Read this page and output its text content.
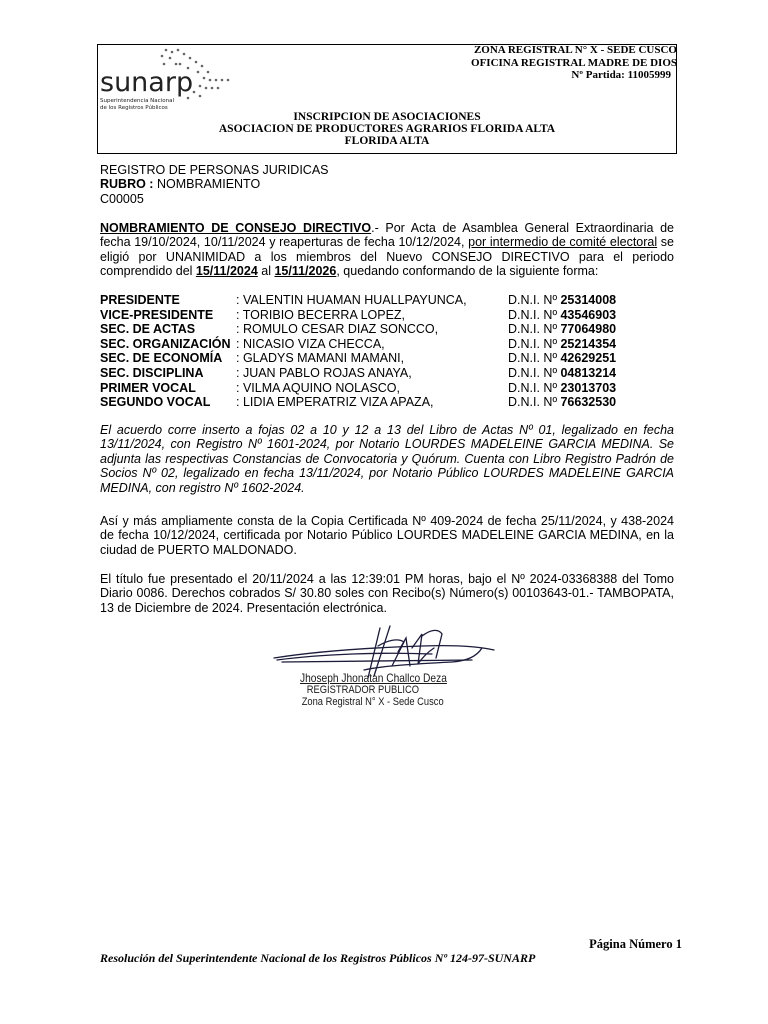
sunarp
Superintendencia Nacional
de los Registros Públicos
ZONA REGISTRAL N° X - SEDE CUSCO
OFICINA REGISTRAL MADRE DE DIOS
Nº Partida: 11005999
INSCRIPCION DE ASOCIACIONES
ASOCIACION DE PRODUCTORES AGRARIOS FLORIDA ALTA
FLORIDA ALTA
REGISTRO DE PERSONAS JURIDICAS
RUBRO : NOMBRAMIENTO
C00005
NOMBRAMIENTO DE CONSEJO DIRECTIVO.- Por Acta de Asamblea General Extraordinaria de fecha 19/10/2024, 10/11/2024 y reaperturas de fecha 10/12/2024, por intermedio de comité electoral se eligió por UNANIMIDAD a los miembros del Nuevo CONSEJO DIRECTIVO para el periodo comprendido del 15/11/2024 al 15/11/2026, quedando conformando de la siguiente forma:
PRESIDENTE	: VALENTIN HUAMAN HUALLPAYUNCA,	D.N.I. Nº 25314008
VICE-PRESIDENTE	: TORIBIO BECERRA LOPEZ,	D.N.I. Nº 43546903
SEC. DE ACTAS	: ROMULO CESAR DIAZ SONCCO,	D.N.I. Nº 77064980
SEC. ORGANIZACIÓN	: NICASIO VIZA CHECCA,	D.N.I. Nº 25214354
SEC. DE ECONOMÍA	: GLADYS MAMANI MAMANI,	D.N.I. Nº 42629251
SEC. DISCIPLINA	: JUAN PABLO ROJAS ANAYA,	D.N.I. Nº 04813214
PRIMER VOCAL	: VILMA AQUINO NOLASCO,	D.N.I. Nº 23013703
SEGUNDO VOCAL	: LIDIA EMPERATRIZ VIZA APAZA,	D.N.I. Nº 76632530
El acuerdo corre inserto a fojas 02 a 10 y 12 a 13 del Libro de Actas Nº 01, legalizado en fecha 13/11/2024, con Registro Nº 1601-2024, por Notario LOURDES MADELEINE GARCIA MEDINA. Se adjunta las respectivas Constancias de Convocatoria y Quórum. Cuenta con Libro Registro Padrón de Socios Nº 02, legalizado en fecha 13/11/2024, por Notario Público LOURDES MADELEINE GARCIA MEDINA, con registro Nº 1602-2024.
Así y más ampliamente consta de la Copia Certificada Nº 409-2024 de fecha 25/11/2024, y 438-2024 de fecha 10/12/2024, certificada por Notario Público LOURDES MADELEINE GARCIA MEDINA, en la ciudad de PUERTO MALDONADO.
El título fue presentado el 20/11/2024 a las 12:39:01 PM horas, bajo el Nº 2024-03368388 del Tomo Diario 0086. Derechos cobrados S/ 30.80 soles con Recibo(s) Número(s) 00103643-01.- TAMBOPATA, 13 de Diciembre de 2024. Presentación electrónica.
Jhoseph Jhonatan Challco Deza
REGISTRADOR PUBLICO
Zona Registral N° X - Sede Cusco
Página Número 1
Resolución del Superintendente Nacional de los Registros Públicos Nº 124-97-SUNARP
